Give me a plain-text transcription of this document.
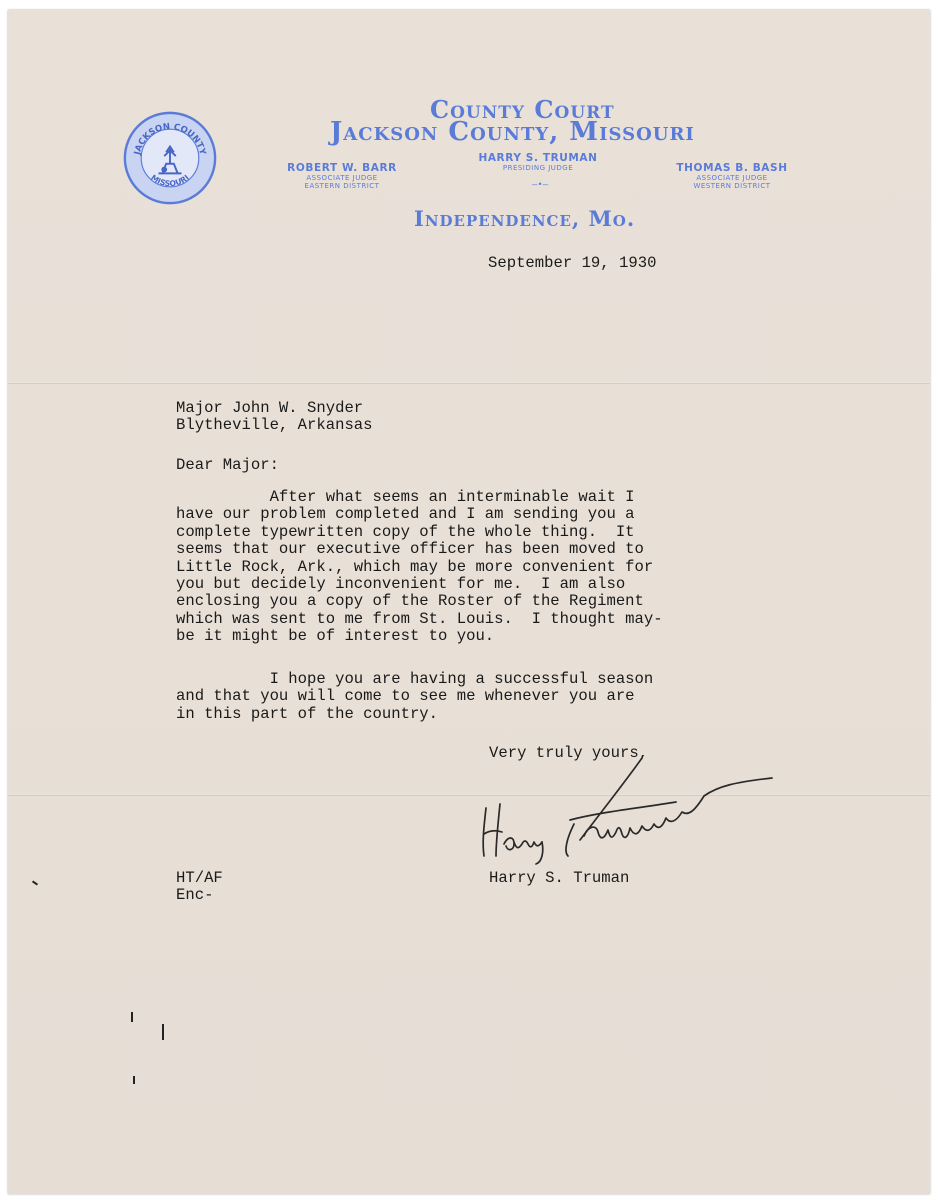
JACKSON COUNTY
MISSOURI
County Court
Jackson County, Missouri
ROBERT W. BARR
ASSOCIATE JUDGE
EASTERN DISTRICT
HARRY S. TRUMAN
PRESIDING JUDGE
—•—
THOMAS B. BASH
ASSOCIATE JUDGE
WESTERN DISTRICT
Independence, Mo.
September 19, 1930
Major John W. Snyder
Blytheville, Arkansas
Dear Major:
After what seems an interminable wait I
have our problem completed and I am sending you a
complete typewritten copy of the whole thing.  It
seems that our executive officer has been moved to
Little Rock, Ark., which may be more convenient for
you but decidely inconvenient for me.  I am also
enclosing you a copy of the Roster of the Regiment
which was sent to me from St. Louis.  I thought may-
be it might be of interest to you.
I hope you are having a successful season
and that you will come to see me whenever you are
in this part of the country.
Very truly yours,
Harry S. Truman
HT/AF
Enc-
